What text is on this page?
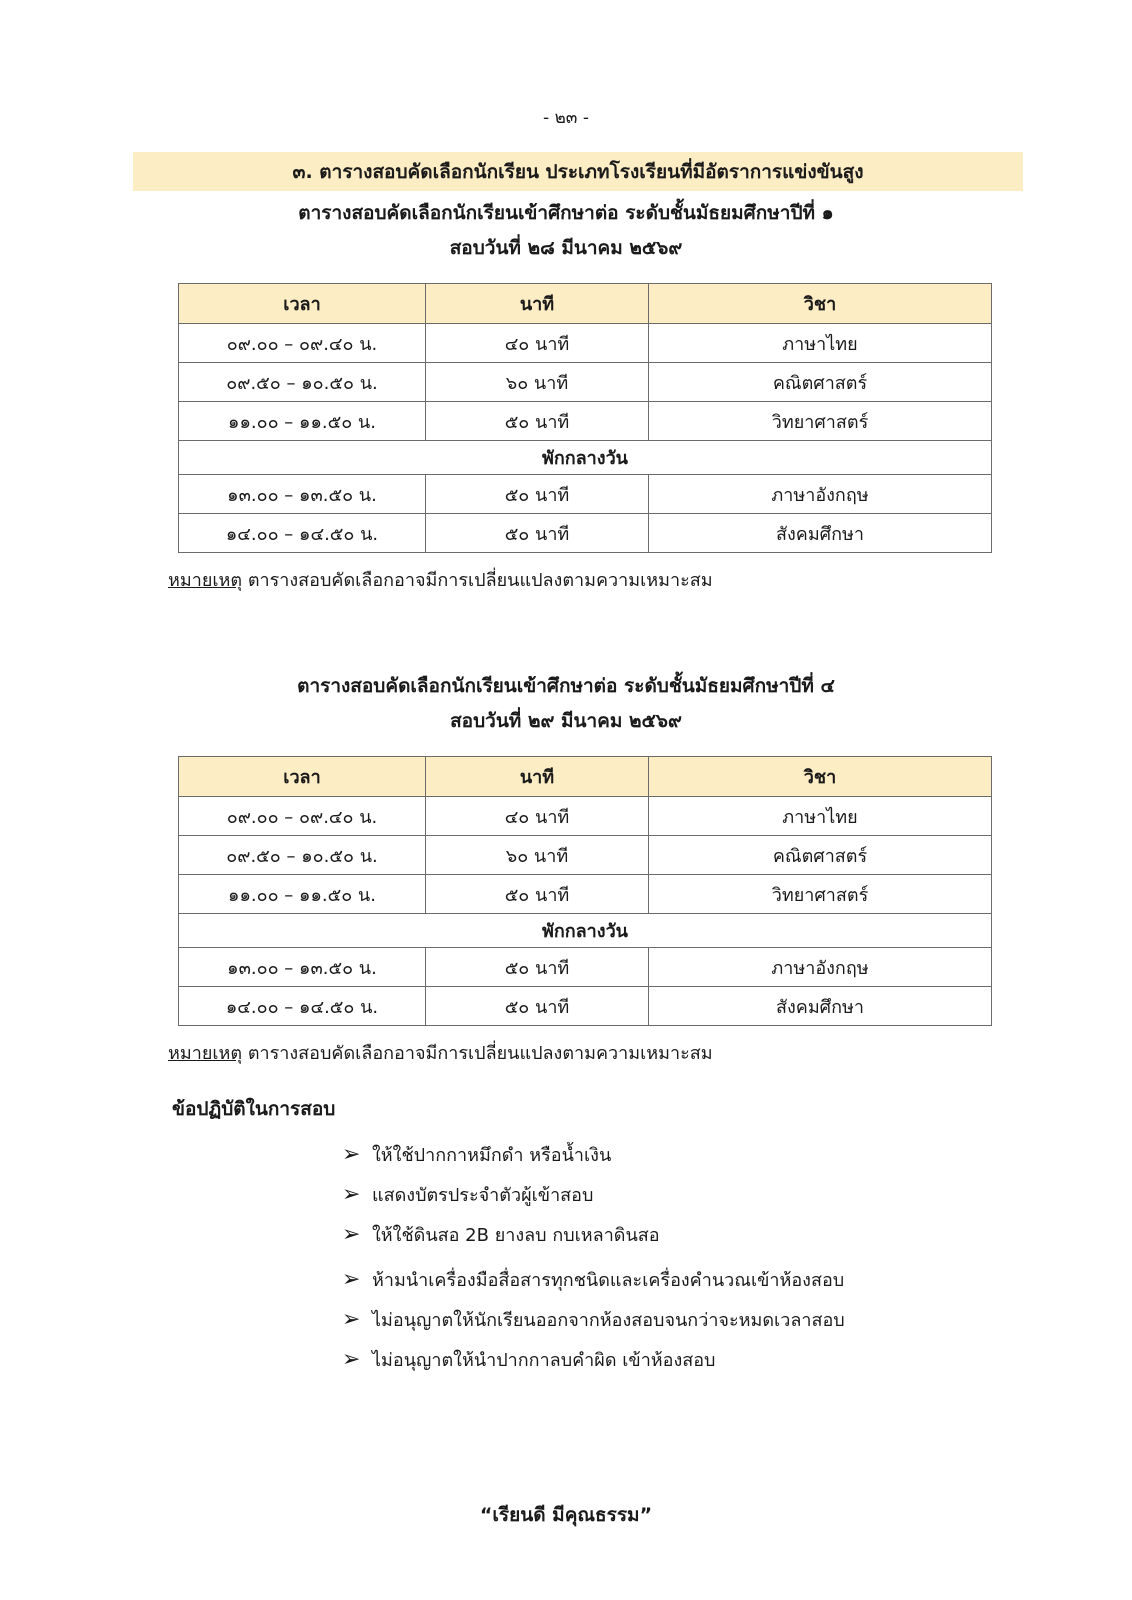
- ๒๓ -
๓. ตารางสอบคัดเลือกนักเรียน ประเภทโรงเรียนที่มีอัตราการแข่งขันสูง
ตารางสอบคัดเลือกนักเรียนเข้าศึกษาต่อ ระดับชั้นมัธยมศึกษาปีที่ ๑
สอบวันที่ ๒๘ มีนาคม ๒๕๖๙
เวลา	นาที	วิชา
๐๙.๐๐ – ๐๙.๔๐ น.	๔๐ นาที	ภาษาไทย
๐๙.๕๐ – ๑๐.๕๐ น.	๖๐ นาที	คณิตศาสตร์
๑๑.๐๐ – ๑๑.๕๐ น.	๕๐ นาที	วิทยาศาสตร์
พักกลางวัน		
๑๓.๐๐ – ๑๓.๕๐ น.	๕๐ นาที	ภาษาอังกฤษ
๑๔.๐๐ – ๑๔.๕๐ น.	๕๐ นาที	สังคมศึกษา
หมายเหตุ ตารางสอบคัดเลือกอาจมีการเปลี่ยนแปลงตามความเหมาะสม
ตารางสอบคัดเลือกนักเรียนเข้าศึกษาต่อ ระดับชั้นมัธยมศึกษาปีที่ ๔
สอบวันที่ ๒๙ มีนาคม ๒๕๖๙
เวลา	นาที	วิชา
๐๙.๐๐ – ๐๙.๔๐ น.	๔๐ นาที	ภาษาไทย
๐๙.๕๐ – ๑๐.๕๐ น.	๖๐ นาที	คณิตศาสตร์
๑๑.๐๐ – ๑๑.๕๐ น.	๕๐ นาที	วิทยาศาสตร์
พักกลางวัน		
๑๓.๐๐ – ๑๓.๕๐ น.	๕๐ นาที	ภาษาอังกฤษ
๑๔.๐๐ – ๑๔.๕๐ น.	๕๐ นาที	สังคมศึกษา
หมายเหตุ ตารางสอบคัดเลือกอาจมีการเปลี่ยนแปลงตามความเหมาะสม
ข้อปฏิบัติในการสอบ
➢ ให้ใช้ปากกาหมึกดำ หรือน้ำเงิน
➢ แสดงบัตรประจำตัวผู้เข้าสอบ
➢ ให้ใช้ดินสอ 2B ยางลบ กบเหลาดินสอ
➢ ห้ามนำเครื่องมือสื่อสารทุกชนิดและเครื่องคำนวณเข้าห้องสอบ
➢ ไม่อนุญาตให้นักเรียนออกจากห้องสอบจนกว่าจะหมดเวลาสอบ
➢ ไม่อนุญาตให้นำปากกาลบคำผิด เข้าห้องสอบ
“เรียนดี มีคุณธรรม”
